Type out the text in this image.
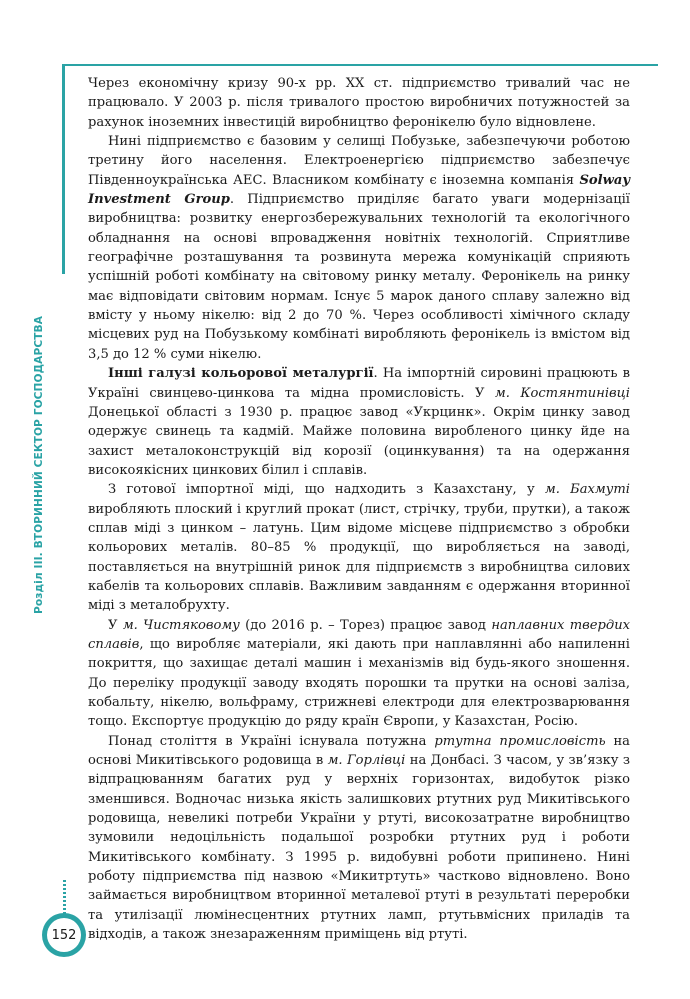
Розділ III. ВТОРИННИЙ СЕКТОР ГОСПОДАРСТВА
152

Через економічну кризу 90-х рр. XX ст. підприємство тривалий час не працювало. У 2003 р. після тривалого простою виробничих потужностей за рахунок іноземних інвестицій виробництво феронікелю було відновлене.

Нині підприємство є базовим у селищі Побузьке, забезпечуючи роботою третину його населення. Електроенергією підприємство забезпечує Південноукраїнська АЕС. Власником комбінату є іноземна компанія Solway Investment Group. Підприємство приділяє багато уваги модернізації виробництва: розвитку енергозбережувальних технологій та екологічного обладнання на основі впровадження новітніх технологій. Сприятливе географічне розташування та розвинута мережа комунікацій сприяють успішній роботі комбінату на світовому ринку металу. Феронікель на ринку має відповідати світовим нормам. Існує 5 марок даного сплаву залежно від вмісту у ньому нікелю: від 2 до 70 %. Через особливості хімічного складу місцевих руд на Побузькому комбінаті виробляють феронікель із вмістом від 3,5 до 12 % суми нікелю.

Інші галузі кольорової металургії. На імпортній сировині працюють в Україні свинцево-цинкова та мідна промисловість. У м. Костянтинівці Донецької області з 1930 р. працює завод «Укрцинк». Окрім цинку завод одержує свинець та кадмій. Майже половина виробленого цинку йде на захист металоконструкцій від корозії (оцинкування) та на одержання високоякісних цинкових білил і сплавів.

З готової імпортної міді, що надходить з Казахстану, у м. Бахмуті виробляють плоский і круглий прокат (лист, стрічку, труби, прутки), а також сплав міді з цинком – латунь. Цим відоме місцеве підприємство з обробки кольорових металів. 80–85 % продукції, що виробляється на заводі, поставляється на внутрішній ринок для підприємств з виробництва силових кабелів та кольорових сплавів. Важливим завданням є одержання вторинної міді з металобрухту.

У м. Чистяковому (до 2016 р. – Торез) працює завод наплавних твердих сплавів, що виробляє матеріали, які дають при наплавлянні або напиленні покриття, що захищає деталі машин і механізмів від будь-якого зношення. До переліку продукції заводу входять порошки та прутки на основі заліза, кобальту, нікелю, вольфраму, стрижневі електроди для електрозварювання тощо. Експортує продукцію до ряду країн Європи, у Казахстан, Росію.

Понад століття в Україні існувала потужна ртутна промисловість на основі Микитівського родовища в м. Горлівці на Донбасі. З часом, у зв’язку з відпрацюванням багатих руд у верхніх горизонтах, видобуток різко зменшився. Водночас низька якість залишкових ртутних руд Микитівського родовища, невеликі потреби України у ртуті, високозатратне виробництво зумовили недоцільність подальшої розробки ртутних руд і роботи Микитівського комбінату. З 1995 р. видобувні роботи припинено. Нині роботу підприємства під назвою «Микитртуть» частково відновлено. Воно займається виробництвом вторинної металевої ртуті в результаті переробки та утилізації люмінесцентних ртутних ламп, ртутьвмісних приладів та відходів, а також знезараженням приміщень від ртуті.
